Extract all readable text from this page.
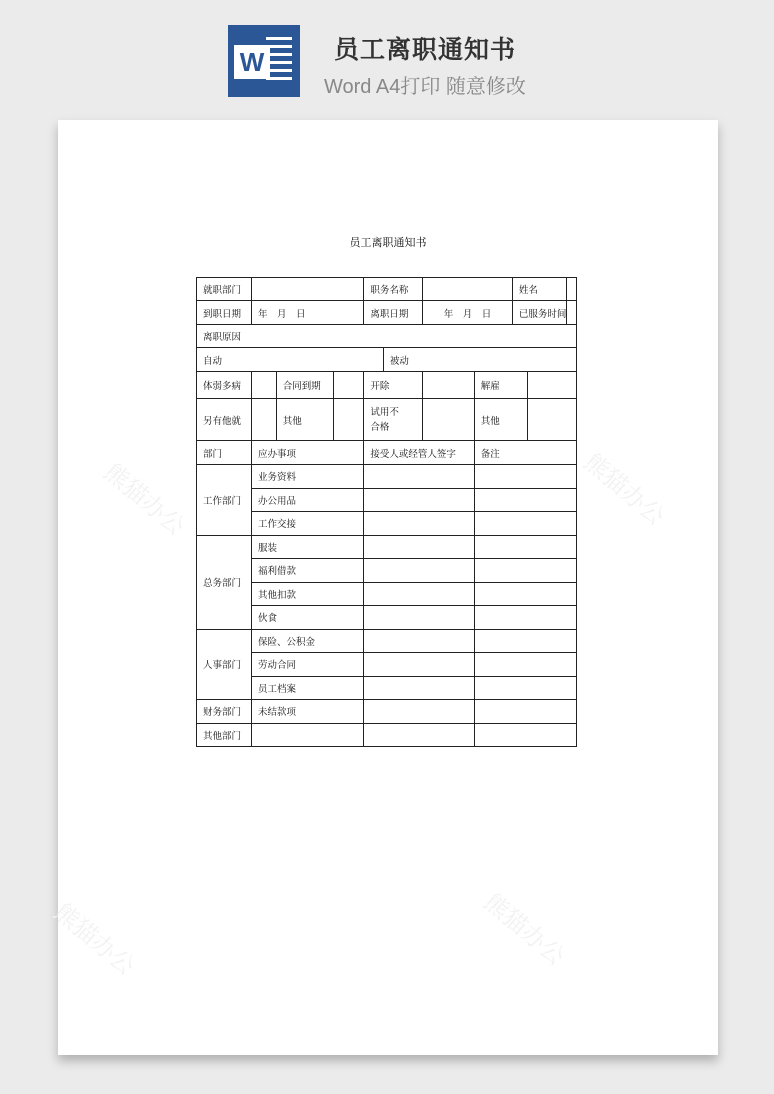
W	员工离职通知书
Word A4打印 随意修改
熊猫办公	熊猫办公
熊猫办公
熊猫办公
员工离职通知书
就职部门				职务名称				姓名		
到职日期	年　月　日			离职日期		年　月　日		已服务时间		
离职原因										
自动					被动					
体弱多病		合同到期		开除			解雇			
另有他就		其他		试用不合格			其他			
部门	应办事项			接受人或经管人签字			备注			
工作部门	业务资料									
	办公用品									
	工作交接									
总务部门	服装									
	福利借款									
	其他扣款									
	伙食									
人事部门	保险、公积金									
	劳动合同									
	员工档案									
财务部门	未结款项									
其他部门										
